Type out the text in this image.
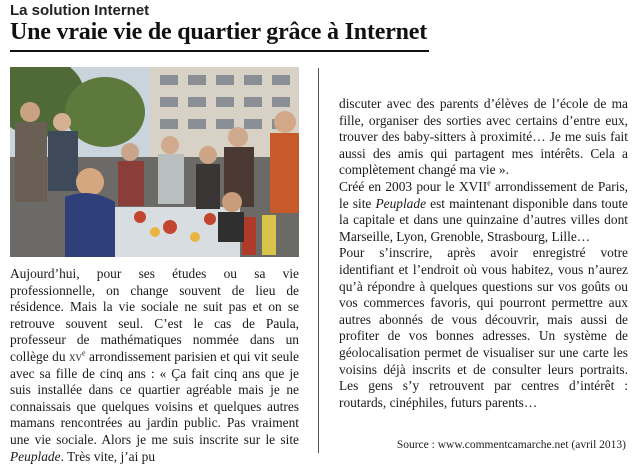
La solution Internet
Une vraie vie de quartier grâce à Internet

Aujourd’hui, pour ses études ou sa vie professionnelle, on change souvent de lieu de résidence. Mais la vie sociale ne suit pas et on se retrouve souvent seul. C’est le cas de Paula, professeur de mathématiques nommée dans un collège du $xv^e$ arrondissement parisien et qui vit seule avec sa fille de cinq ans : « Ça fait cinq ans que je suis installée dans ce quartier agréable mais je ne connaissais que quelques voisins et quelques autres mamans rencontrées au jardin public. Pas vraiment une vie sociale. Alors je me suis inscrite sur le site Peuplade. Très vite, j’ai pu

discuter avec des parents d’élèves de l’école de ma fille, organiser des sorties avec certains d’entre eux, trouver des baby-sitters à proximité… Je me suis fait aussi des amis qui partagent mes intérêts. Cela a complètement changé ma vie ».

Créé en 2003 pour le XVIIe arrondissement de Paris, le site Peuplade est maintenant disponible dans toute la capitale et dans une quinzaine d’autres villes dont Marseille, Lyon, Grenoble, Strasbourg, Lille…

Pour s’inscrire, après avoir enregistré votre identifiant et l’endroit où vous habitez, vous n’aurez qu’à répondre à quelques questions sur vos goûts ou vos commerces favoris, qui pourront permettre aux autres abonnés de vous découvrir, mais aussi de profiter de vos bonnes adresses. Un système de géolocalisation permet de visualiser sur une carte les voisins déjà inscrits et de consulter leurs portraits. Les gens s’y retrouvent par centres d’intérêt : routards, cinéphiles, futurs parents…

Source : www.commentcamarche.net (avril 2013)
